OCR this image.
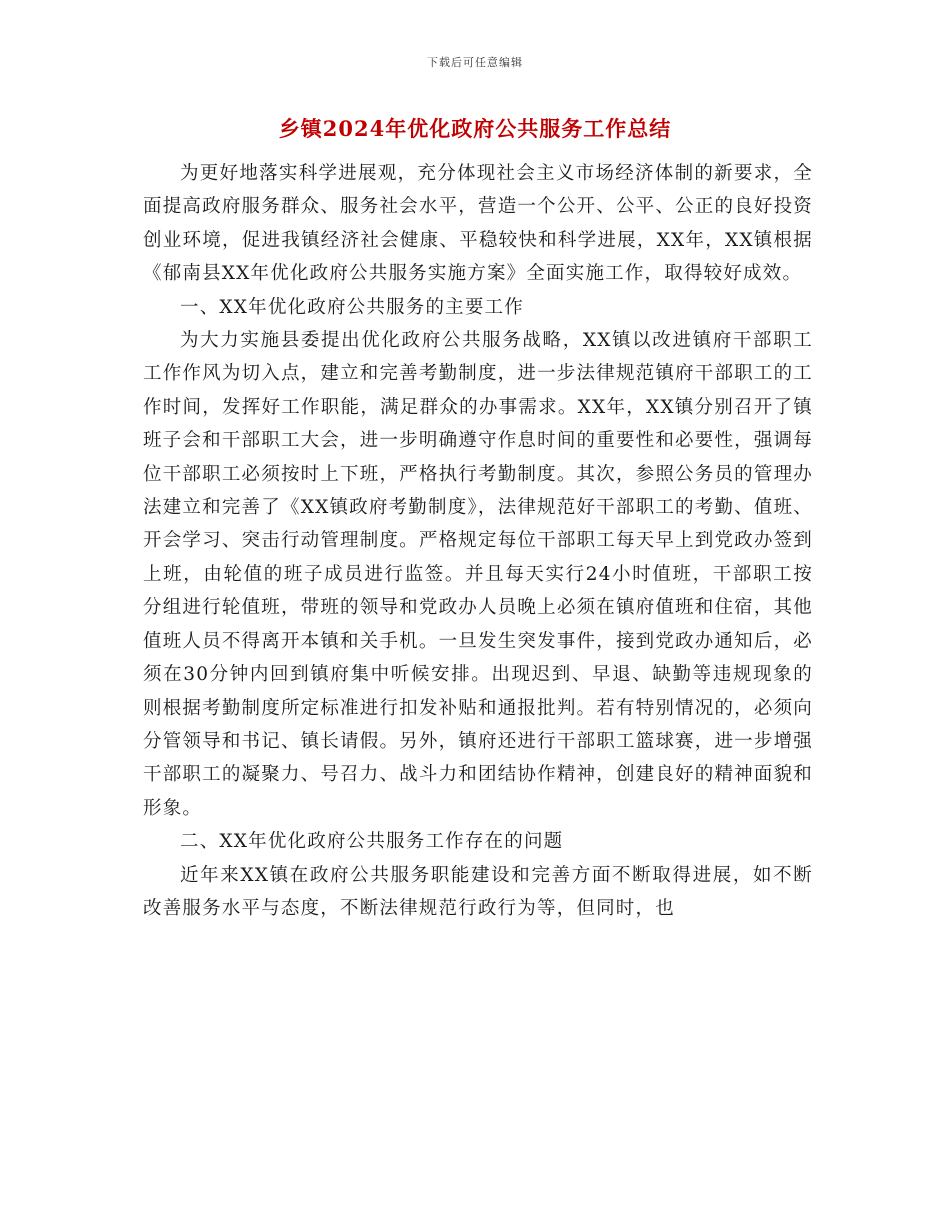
下载后可任意编辑
乡镇2024年优化政府公共服务工作总结

为更好地落实科学进展观，充分体现社会主义市场经济体制的新要求，全面提高政府服务群众、服务社会水平，营造一个公开、公平、公正的良好投资创业环境，促进我镇经济社会健康、平稳较快和科学进展，XX年，XX镇根据《郁南县XX年优化政府公共服务实施方案》全面实施工作，取得较好成效。

一、XX年优化政府公共服务的主要工作

为大力实施县委提出优化政府公共服务战略，XX镇以改进镇府干部职工工作作风为切入点，建立和完善考勤制度，进一步法律规范镇府干部职工的工作时间，发挥好工作职能，满足群众的办事需求。XX年，XX镇分别召开了镇班子会和干部职工大会，进一步明确遵守作息时间的重要性和必要性，强调每位干部职工必须按时上下班，严格执行考勤制度。其次，参照公务员的管理办法建立和完善了《XX镇政府考勤制度》，法律规范好干部职工的考勤、值班、开会学习、突击行动管理制度。严格规定每位干部职工每天早上到党政办签到上班，由轮值的班子成员进行监签。并且每天实行24小时值班，干部职工按分组进行轮值班，带班的领导和党政办人员晚上必须在镇府值班和住宿，其他值班人员不得离开本镇和关手机。一旦发生突发事件，接到党政办通知后，必须在30分钟内回到镇府集中听候安排。出现迟到、早退、缺勤等违规现象的则根据考勤制度所定标准进行扣发补贴和通报批判。若有特别情况的，必须向分管领导和书记、镇长请假。另外，镇府还进行干部职工篮球赛，进一步增强干部职工的凝聚力、号召力、战斗力和团结协作精神，创建良好的精神面貌和形象。

二、XX年优化政府公共服务工作存在的问题

近年来XX镇在政府公共服务职能建设和完善方面不断取得进展，如不断改善服务水平与态度，不断法律规范行政行为等，但同时，也
